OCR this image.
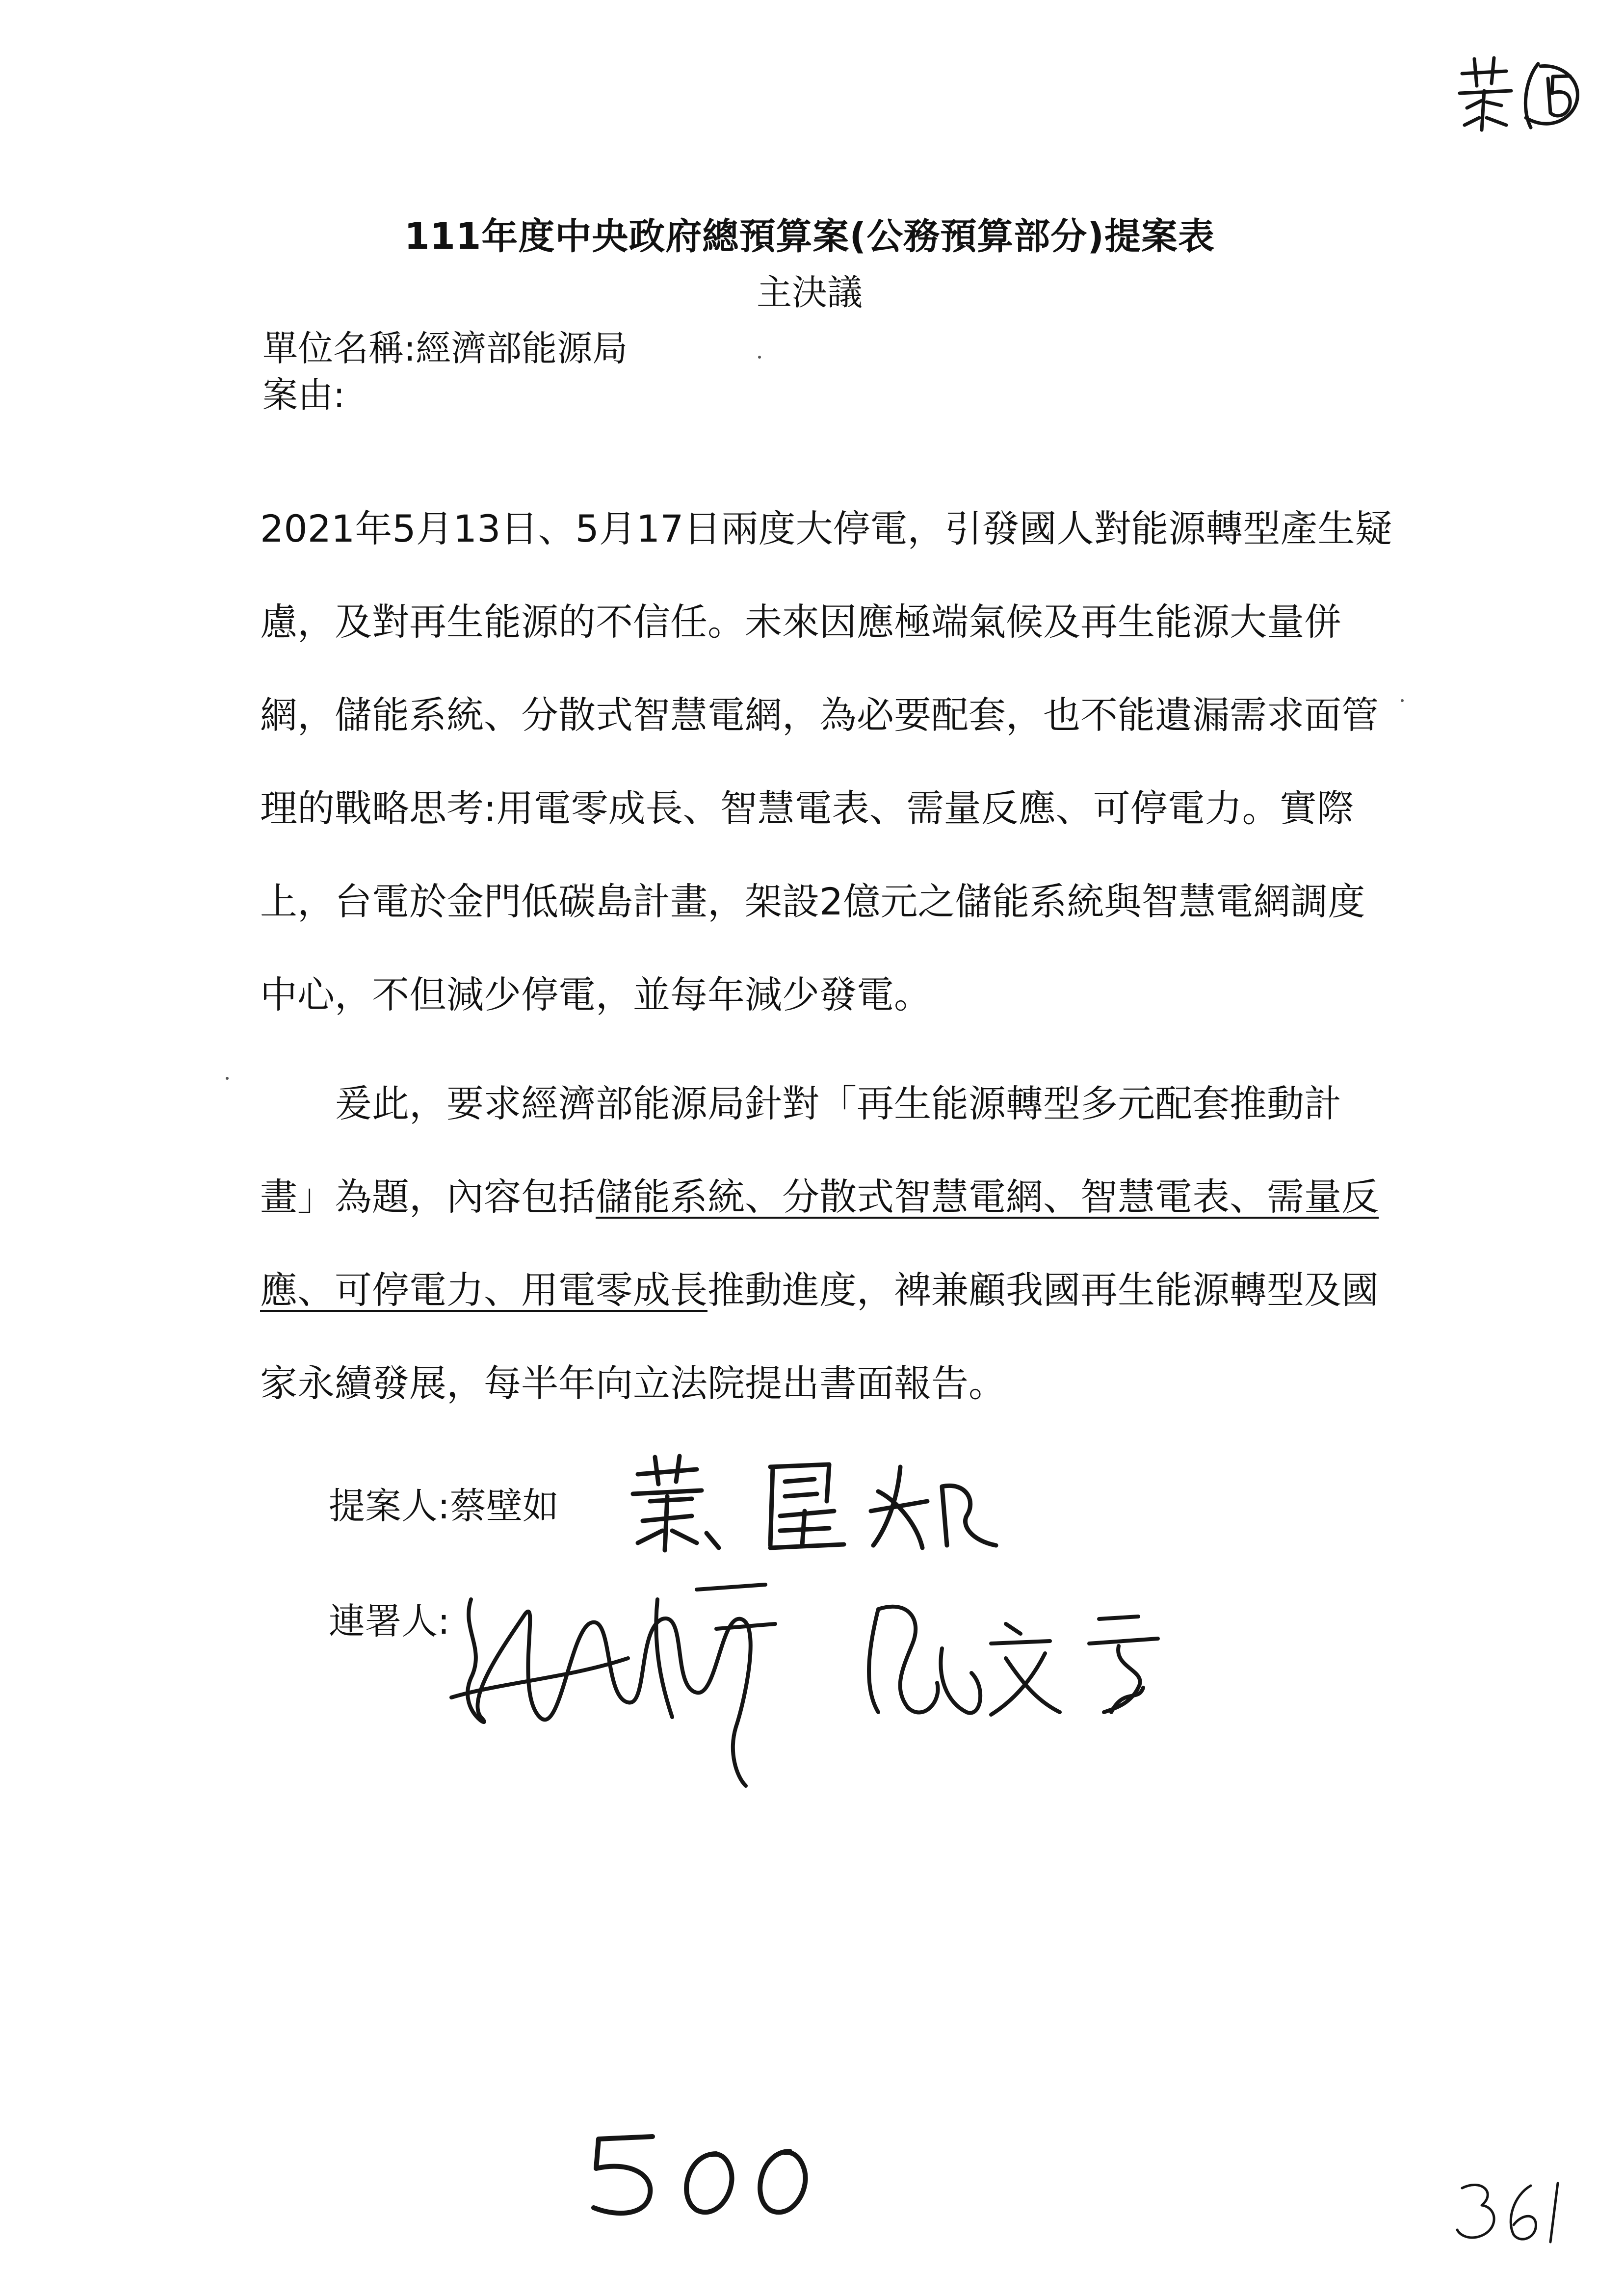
111年度中央政府總預算案(公務預算部分)提案表
主決議
單位名稱:經濟部能源局
案由:
2021年5月13日、5月17日兩度大停電，引發國人對能源轉型產生疑
慮，及對再生能源的不信任。未來因應極端氣候及再生能源大量併
網，儲能系統、分散式智慧電網，為必要配套，也不能遺漏需求面管
理的戰略思考:用電零成長、智慧電表、需量反應、可停電力。實際
上，台電於金門低碳島計畫，架設2億元之儲能系統與智慧電網調度
中心，不但減少停電，並每年減少發電。
爰此，要求經濟部能源局針對「再生能源轉型多元配套推動計
畫」為題，內容包括儲能系統、分散式智慧電網、智慧電表、需量反
應、可停電力、用電零成長推動進度，裨兼顧我國再生能源轉型及國
家永續發展，每半年向立法院提出書面報告。
提案人:蔡壁如
連署人:
